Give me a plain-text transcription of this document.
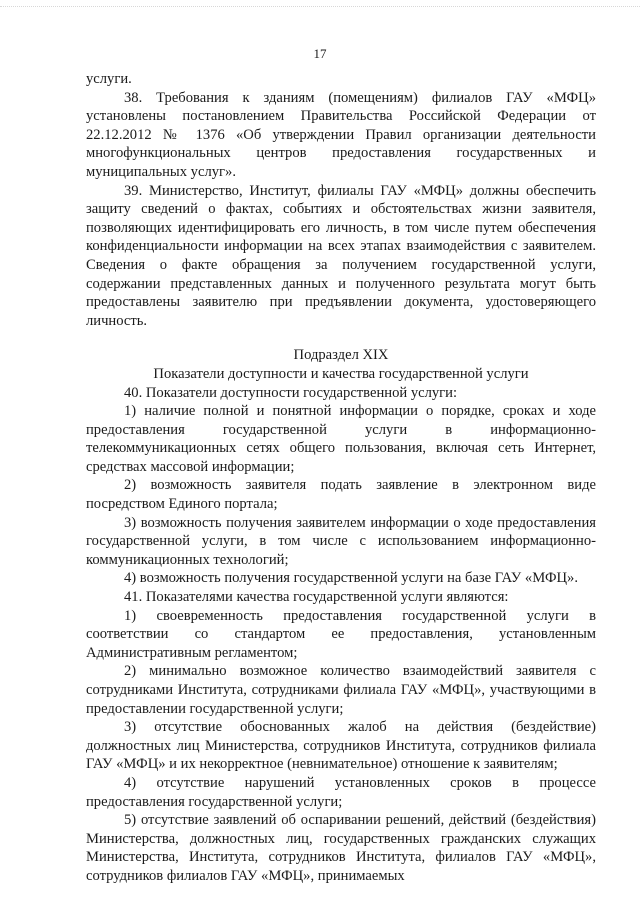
17

услуги.

38. Требования к зданиям (помещениям) филиалов ГАУ «МФЦ» установлены постановлением Правительства Российской Федерации от 22.12.2012 № 1376 «Об утверждении Правил организации деятельности многофункциональных центров предоставления государственных и муниципальных услуг».

39. Министерство, Институт, филиалы ГАУ «МФЦ» должны обеспечить защиту сведений о фактах, событиях и обстоятельствах жизни заявителя, позволяющих идентифицировать его личность, в том числе путем обеспечения конфиденциальности информации на всех этапах взаимодействия с заявителем. Сведения о факте обращения за получением государственной услуги, содержании представленных данных и полученного результата могут быть предоставлены заявителю при предъявлении документа, удостоверяющего личность.

Подраздел XIX

Показатели доступности и качества государственной услуги

40. Показатели доступности государственной услуги:

1) наличие полной и понятной информации о порядке, сроках и ходе предоставления государственной услуги в информационно-телекоммуникационных сетях общего пользования, включая сеть Интернет, средствах массовой информации;

2) возможность заявителя подать заявление в электронном виде посредством Единого портала;

3) возможность получения заявителем информации о ходе предоставления государственной услуги, в том числе с использованием информационно-коммуникационных технологий;

4) возможность получения государственной услуги на базе ГАУ «МФЦ».

41. Показателями качества государственной услуги являются:

1) своевременность предоставления государственной услуги в соответствии со стандартом ее предоставления, установленным Административным регламентом;

2) минимально возможное количество взаимодействий заявителя с сотрудниками Института, сотрудниками филиала ГАУ «МФЦ», участвующими в предоставлении государственной услуги;

3) отсутствие обоснованных жалоб на действия (бездействие) должностных лиц Министерства, сотрудников Института, сотрудников филиала ГАУ «МФЦ» и их некорректное (невнимательное) отношение к заявителям;

4) отсутствие нарушений установленных сроков в процессе предоставления государственной услуги;

5) отсутствие заявлений об оспаривании решений, действий (бездействия) Министерства, должностных лиц, государственных гражданских служащих Министерства, Института, сотрудников Института, филиалов ГАУ «МФЦ», сотрудников филиалов ГАУ «МФЦ», принимаемых
